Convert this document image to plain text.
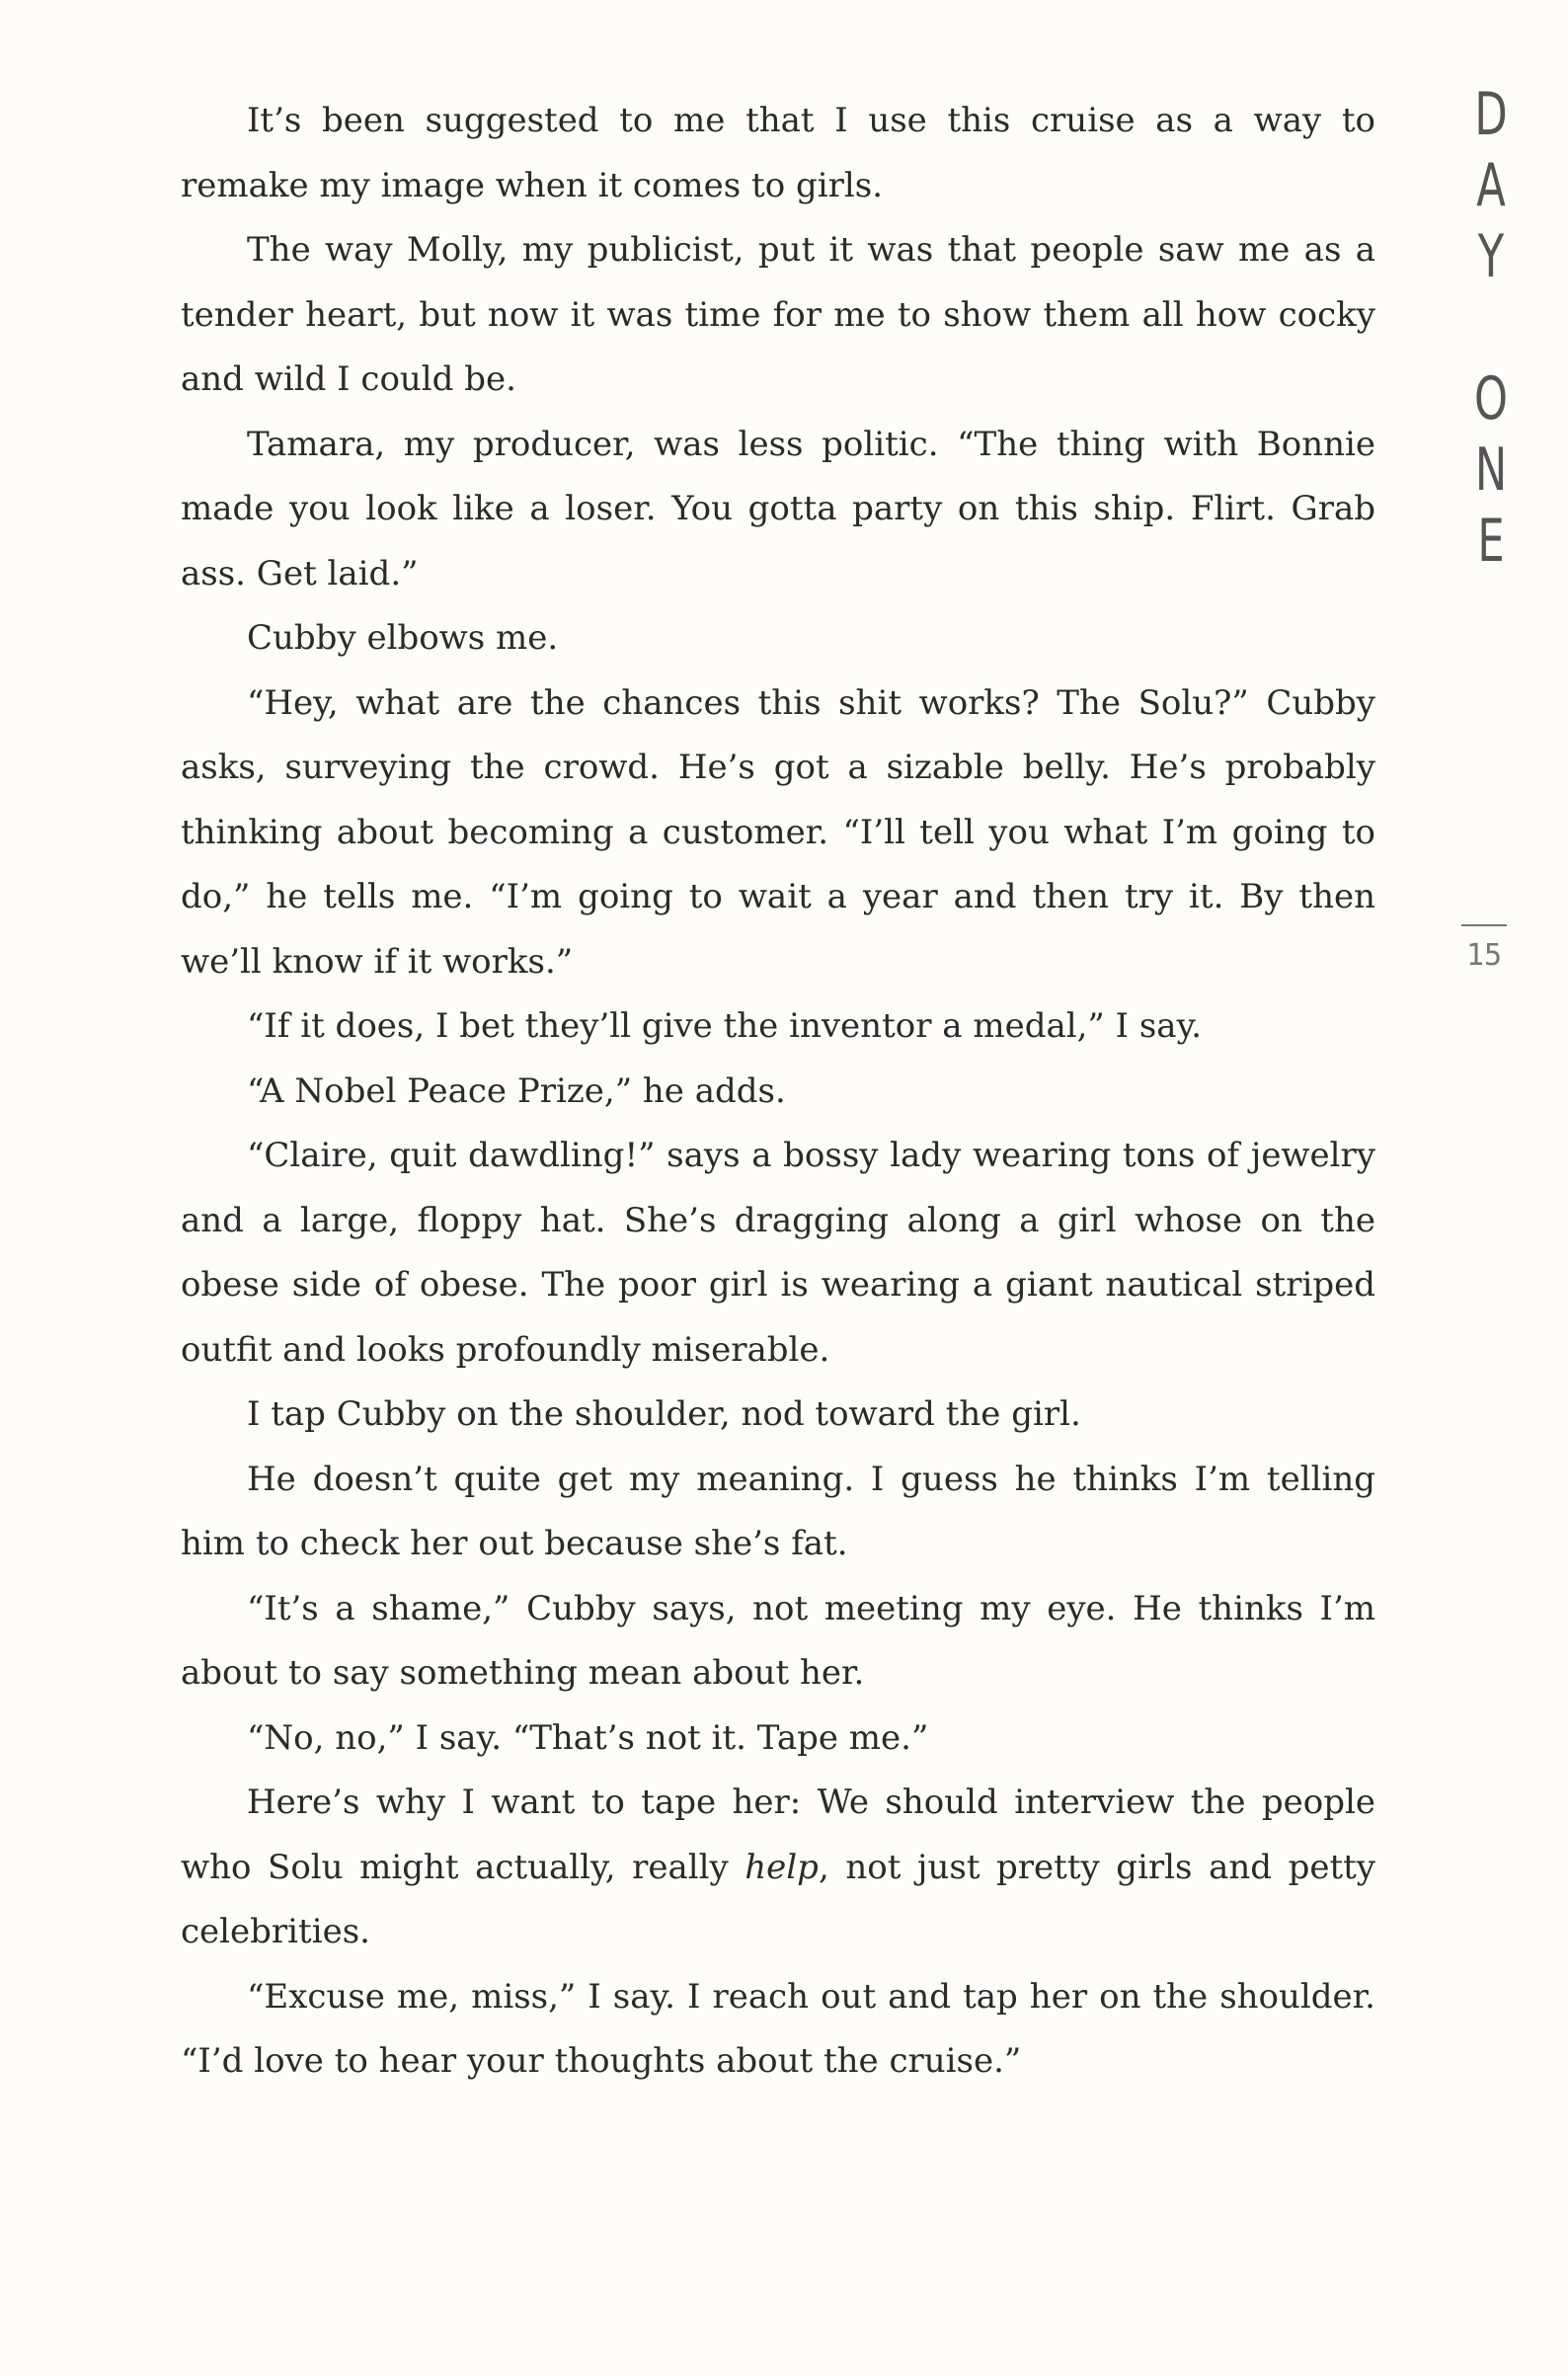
It’s been suggested to me that I use this cruise as a way to remake my image when it comes to girls.

The way Molly, my publicist, put it was that people saw me as a tender heart, but now it was time for me to show them all how cocky and wild I could be.

Tamara, my producer, was less politic. “The thing with Bonnie made you look like a loser. You gotta party on this ship. Flirt. Grab ass. Get laid.”

Cubby elbows me.

“Hey, what are the chances this shit works? The Solu?” Cubby asks, surveying the crowd. He’s got a sizable belly. He’s probably thinking about becoming a customer. “I’ll tell you what I’m going to do,” he tells me. “I’m going to wait a year and then try it. By then we’ll know if it works.”

“If it does, I bet they’ll give the inventor a medal,” I say.

“A Nobel Peace Prize,” he adds.

“Claire, quit dawdling!” says a bossy lady wearing tons of jewelry and a large, floppy hat. She’s dragging along a girl whose on the obese side of obese. The poor girl is wearing a giant nautical striped outfit and looks profoundly miserable.

I tap Cubby on the shoulder, nod toward the girl.

He doesn’t quite get my meaning. I guess he thinks I’m telling him to check her out because she’s fat.

“It’s a shame,” Cubby says, not meeting my eye. He thinks I’m about to say something mean about her.

“No, no,” I say. “That’s not it. Tape me.”

Here’s why I want to tape her: We should interview the people who Solu might actually, really help, not just pretty girls and petty celebrities.

“Excuse me, miss,” I say. I reach out and tap her on the shoulder. “I’d love to hear your thoughts about the cruise.”

D
A
Y
O
N
E
15
